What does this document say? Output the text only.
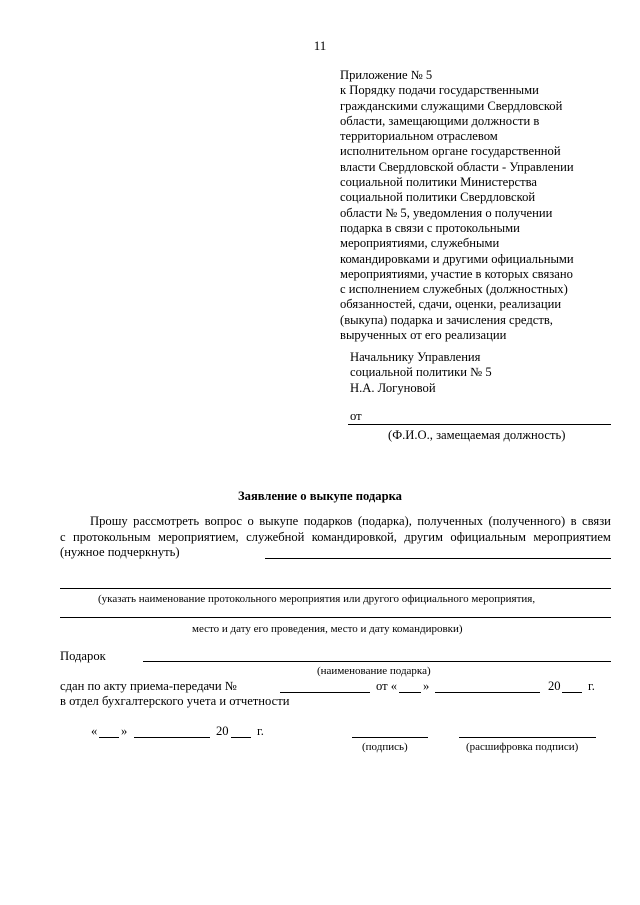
11
Приложение № 5
к Порядку подачи государственными
гражданскими служащими Свердловской
области, замещающими должности в
территориальном отраслевом
исполнительном органе государственной
власти Свердловской области - Управлении
социальной политики Министерства
социальной политики Свердловской
области № 5, уведомления о получении
подарка в связи с протокольными
мероприятиями, служебными
командировками и другими официальными
мероприятиями, участие в которых связано
с исполнением служебных (должностных)
обязанностей, сдачи, оценки, реализации
(выкупа) подарка и зачисления средств,
вырученных от его реализации
Начальнику Управления
социальной политики № 5
Н.А. Логуновой
от
(Ф.И.О., замещаемая должность)
Заявление о выкупе подарка
Прошу рассмотреть вопрос о выкупе подарков (подарка), полученных (полученного) в связи
с протокольным мероприятием, служебной командировкой, другим официальным мероприятием
(нужное подчеркнуть)
(указать наименование протокольного мероприятия или другого официального мероприятия,
место и дату его проведения, место и дату командировки)
Подарок
(наименование подарка)
сдан по акту приема-передачи №	от « »	20 г.
в отдел бухгалтерского учета и отчетности
« »	20 г.
(подпись)	(расшифровка подписи)
